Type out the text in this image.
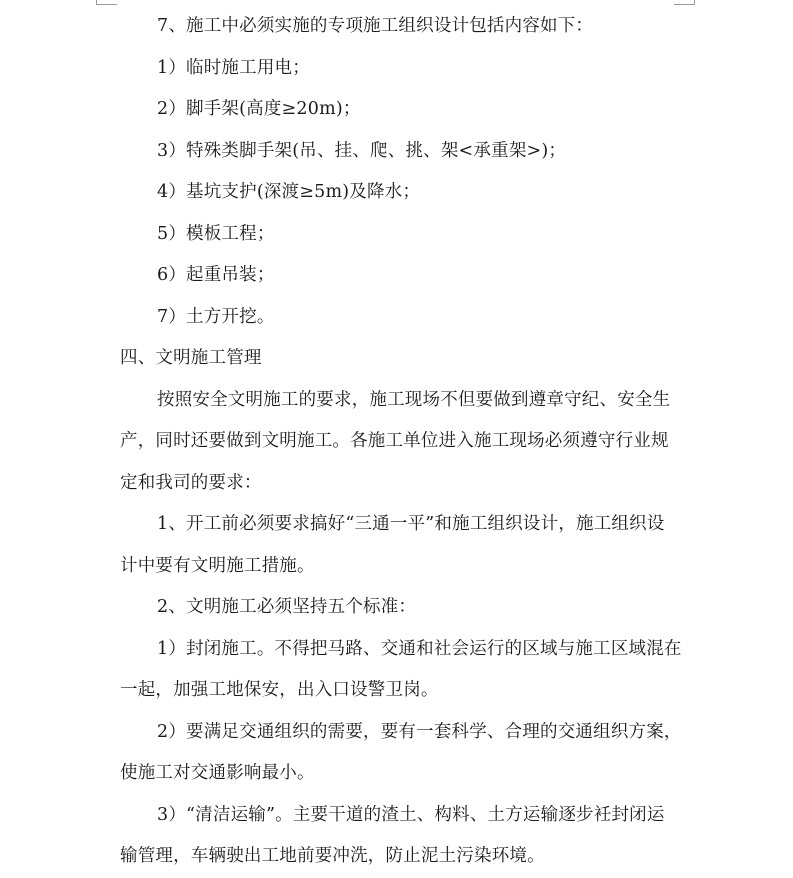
7、施工中必须实施的专项施工组织设计包括内容如下：
1）临时施工用电；
2）脚手架(高度≥20m)；
3）特殊类脚手架(吊、挂、爬、挑、架<承重架>)；
4）基坑支护(深渡≥5m)及降水；
5）模板工程；
6）起重吊装；
7）土方开挖。
四、文明施工管理
按照安全文明施工的要求，施工现场不但要做到遵章守纪、安全生
产，同时还要做到文明施工。各施工单位进入施工现场必须遵守行业规
定和我司的要求：
1、开工前必须要求搞好“三通一平”和施工组织设计，施工组织设
计中要有文明施工措施。
2、文明施工必须坚持五个标准：
1）封闭施工。不得把马路、交通和社会运行的区域与施工区域混在
一起，加强工地保安，出入口设警卫岗。
2）要满足交通组织的需要，要有一套科学、合理的交通组织方案，
使施工对交通影响最小。
3）“清洁运输”。主要干道的渣土、构料、土方运输逐步衽封闭运
输管理，车辆驶出工地前要冲洗，防止泥土污染环境。
